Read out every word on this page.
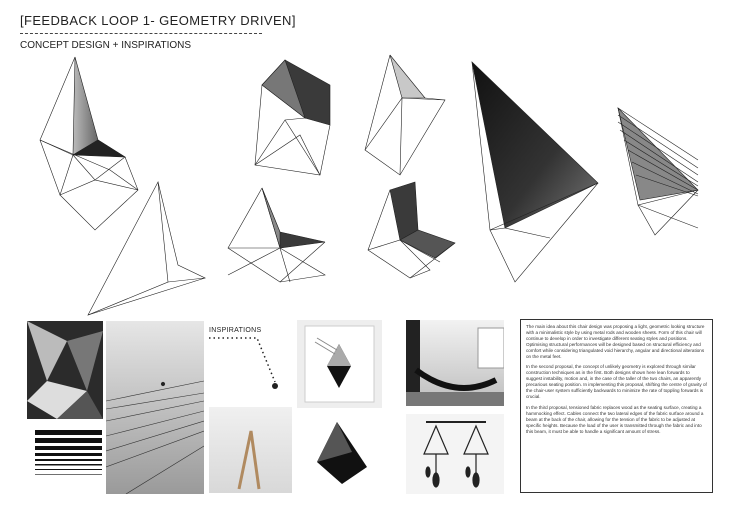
[FEEDBACK LOOP 1- GEOMETRY DRIVEN]
CONCEPT DESIGN + INSPIRATIONS
INSPIRATIONS

The main idea about this chair design was proposing a light, geometric looking structure with a minimalistic style by using metal rods and wooden sheets. Form of this chair will continue to develop in order to investigate different seating styles and positions. Optimising structural performances will be designed based on structural efficiency and comfort while considering triangulated void hierarchy, angular and directional alterations on the metal feet.

In the second proposal, the concept of unlikely geometry is explored through similar construction techniques as in the first. Both designs shown here lean forwards to suggest instability, motion and, in the case of the taller of the two chairs, an apparently precarious seating position. In implementing this proposal, shifting the centre of gravity of the chair-user system sufficiently backwards to minimize the rate of toppling forwards is crucial.

In the third proposal, tensioned fabric replaces wood as the seating surface, creating a hammocking effect. Cables connect the two lateral edges of the fabric surface around a beam at the back of the chair, allowing for the tension of the fabric to be adjusted at specific heights. Because the load of the user is transmitted through the fabric and into this beam, it must be able to handle a significant amount of stress.
